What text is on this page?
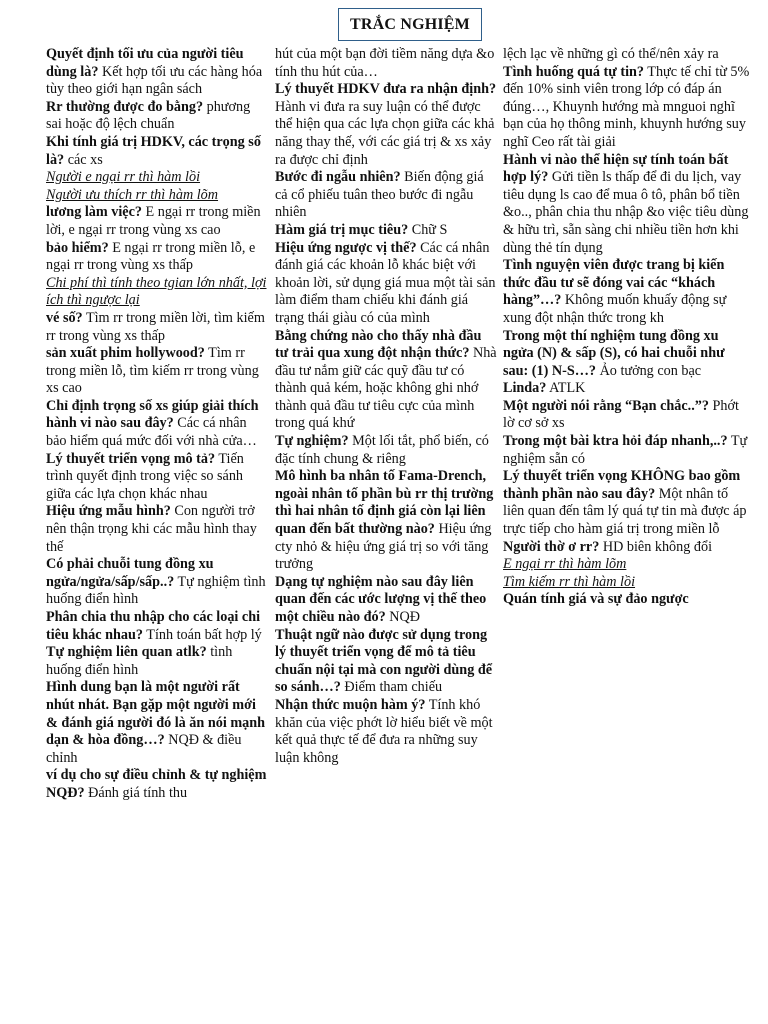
TRẮC NGHIỆM

Quyết định tối ưu của người tiêu dùng là? Kết hợp tối ưu các hàng hóa tùy theo giới hạn ngân sách

Rr thường được đo bằng? phương sai hoặc độ lệch chuẩn

Khi tính giá trị HDKV, các trọng số là? các xs

Người e ngại rr thì hàm lồi

Người ưu thích rr thì hàm lõm

lương làm việc? E ngại rr trong miền lời, e ngại rr trong vùng xs cao

bảo hiểm? E ngại rr trong miền lỗ, e ngại rr trong vùng xs thấp

Chi phí thì tính theo tgian lớn nhất, lợi ích thì ngược lại

vé số? Tìm rr trong miền lời, tìm kiếm rr trong vùng xs thấp

sản xuất phim hollywood? Tìm rr trong miền lỗ, tìm kiếm rr trong vùng xs cao

Chỉ định trọng số xs giúp giải thích hành vi nào sau đây? Các cá nhân bảo hiểm quá mức đối với nhà cửa…

Lý thuyết triển vọng mô tả? Tiến trình quyết định trong việc so sánh giữa các lựa chọn khác nhau

Hiệu ứng mẫu hình? Con người trở nên thận trọng khi các mẫu hình thay thế

Có phải chuỗi tung đồng xu ngửa/ngửa/sấp/sấp..? Tự nghiệm tình huống điển hình

Phân chia thu nhập cho các loại chi tiêu khác nhau? Tính toán bất hợp lý

Tự nghiệm liên quan atlk? tình huống điển hình

Hình dung bạn là một người rất nhút nhát. Bạn gặp một người mới & đánh giá người đó là ăn nói mạnh dạn & hòa đồng…? NQĐ & điều chỉnh

ví dụ cho sự điều chỉnh & tự nghiệm NQĐ? Đánh giá tính thu

hút của một bạn đời tiềm năng dựa &o tính thu hút của…

Lý thuyết HDKV đưa ra nhận định? Hành vi đưa ra suy luận có thể được thể hiện qua các lựa chọn giữa các khả năng thay thế, với các giá trị & xs xảy ra được chỉ định

Bước đi ngẫu nhiên? Biến động giá cả cổ phiếu tuân theo bước đi ngẫu nhiên

Hàm giá trị mục tiêu? Chữ S

Hiệu ứng ngược vị thế? Các cá nhân đánh giá các khoản lỗ khác biệt với khoản lời, sử dụng giá mua một tài sản làm điểm tham chiếu khi đánh giá trạng thái giàu có của mình

Bằng chứng nào cho thấy nhà đầu tư trải qua xung đột nhận thức? Nhà đầu tư nắm giữ các quỹ đầu tư có thành quả kém, hoặc không ghi nhớ thành quả đầu tư tiêu cực của mình trong quá khứ

Tự nghiệm? Một lối tắt, phổ biến, có đặc tính chung & riêng

Mô hình ba nhân tố Fama-Drench, ngoài nhân tố phần bù rr thị trường thì hai nhân tố định giá còn lại liên quan đến bất thường nào? Hiệu ứng cty nhỏ & hiệu ứng giá trị so với tăng trưởng

Dạng tự nghiệm nào sau đây liên quan đến các ước lượng vị thế theo một chiều nào đó? NQĐ

Thuật ngữ nào được sử dụng trong lý thuyết triển vọng để mô tả tiêu chuẩn nội tại mà con người dùng để so sánh…? Điểm tham chiếu

Nhận thức muộn hàm ý? Tính khó khăn của việc phớt lờ hiểu biết về một kết quả thực tế để đưa ra những suy luận không

lệch lạc về những gì có thể/nên xảy ra

Tình huống quá tự tin? Thực tế chỉ từ 5% đến 10% sinh viên trong lớp có đáp án đúng…, Khuynh hướng mà mnguoi nghĩ bạn của họ thông minh, khuynh hướng suy nghĩ Ceo rất tài giải

Hành vi nào thể hiện sự tính toán bất hợp lý? Gửi tiền ls thấp để đi du lịch, vay tiêu dụng ls cao để mua ô tô, phân bổ tiền &o.., phân chia thu nhập &o việc tiêu dùng & hữu trì, sẵn sàng chi nhiều tiền hơn khi dùng thẻ tín dụng

Tình nguyện viên được trang bị kiến thức đầu tư sẽ đóng vai các “khách hàng”…? Không muốn khuấy động sự xung đột nhận thức trong kh

Trong một thí nghiệm tung đồng xu ngửa (N) & sấp (S), có hai chuỗi như sau: (1) N-S…? Ảo tưởng con bạc

Linda? ATLK

Một người nói rằng “Bạn chắc..”? Phớt lờ cơ sở xs

Trong một bài ktra hỏi đáp nhanh,..? Tự nghiệm sẵn có

Lý thuyết triển vọng KHÔNG bao gồm thành phần nào sau đây? Một nhân tố liên quan đến tâm lý quá tự tin mà được áp trực tiếp cho hàm giá trị trong miền lỗ

Người thờ ơ rr? HD biên không đổi

E ngại rr thì hàm lõm

Tìm kiếm rr thì hàm lồi

Quán tính giá và sự đảo ngược
